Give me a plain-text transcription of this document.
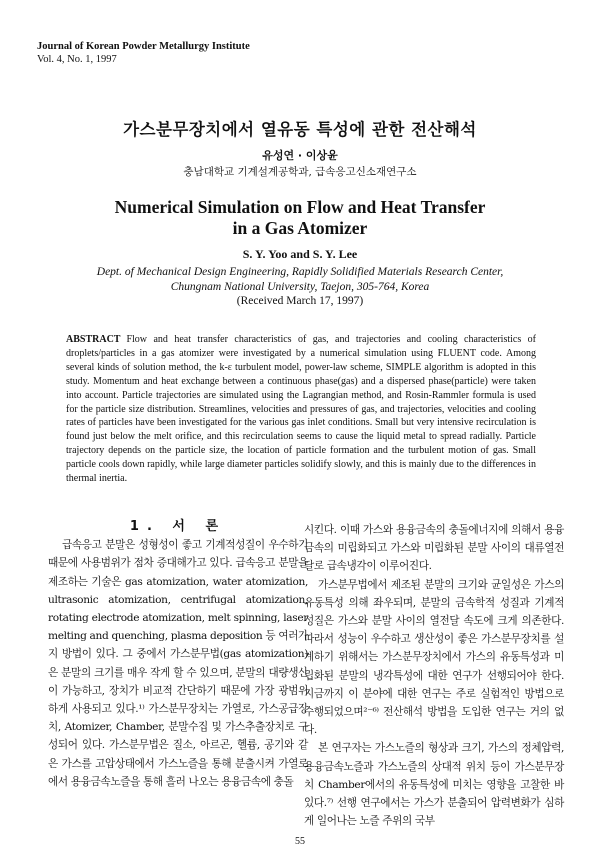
Journal of Korean Powder Metallurgy Institute
Vol. 4, No. 1, 1997
가스분무장치에서 열유동 특성에 관한 전산해석
유성연 · 이상윤
충남대학교 기계설계공학과, 급속응고신소재연구소
Numerical Simulation on Flow and Heat Transfer
in a Gas Atomizer
S. Y. Yoo and S. Y. Lee
Dept. of Mechanical Design Engineering, Rapidly Solidified Materials Research Center,
Chungnam National University, Taejon, 305-764, Korea
(Received March 17, 1997)
ABSTRACT Flow and heat transfer characteristics of gas, and trajectories and cooling characteristics of droplets/particles in a gas atomizer were investigated by a numerical simulation using FLUENT code. Among several kinds of solution method, the k-ε turbulent model, power-law scheme, SIMPLE algorithm is adopted in this study. Momentum and heat exchange between a continuous phase(gas) and a dispersed phase(particle) were taken into account. Particle trajectories are simulated using the Lagrangian method, and Rosin-Rammler formula is used for the particle size distribution. Streamlines, velocities and pressures of gas, and trajectories, velocities and cooling rates of particles have been investigated for the various gas inlet conditions. Small but very intensive recirculation is found just below the melt orifice, and this recirculation seems to cause the liquid metal to spread radially. Particle trajectory depends on the particle size, the location of particle formation and the turbulent motion of gas. Small particle cools down rapidly, while large diameter particles solidify slowly, and this is mainly due to the differences in thermal inertia.

1. 서 론

급속응고 분말은 성형성이 좋고 기계적성질이 우수하기 때문에 사용범위가 점차 증대해가고 있다. 급속응고 분말을 제조하는 기술은 gas atomization, water atomization, ultrasonic atomization, centrifugal atomization, rotating electrode atomization, melt spinning, laser melting and quenching, plasma deposition 등 여러가지 방법이 있다. 그 중에서 가스분무법(gas atomization)은 분말의 크기를 매우 작게 할 수 있으며, 분말의 대량생산이 가능하고, 장치가 비교적 간단하기 때문에 가장 광범위하게 사용되고 있다.¹⁾ 가스분무장치는 가열로, 가스공급장치, Atomizer, Chamber, 분말수집 및 가스추출장치로 구성되어 있다. 가스분무법은 질소, 아르곤, 헬륨, 공기와 같은 가스를 고압상태에서 가스노즐을 통해 분출시켜 가열로에서 용융금속노즐을 통해 흘러 나오는 용융금속에 충돌

시킨다. 이때 가스와 용융금속의 충돌에너지에 의해서 용융금속의 미립화되고 가스와 미립화된 분말 사이의 대류열전달로 급속냉각이 이루어진다.

가스분무법에서 제조된 분말의 크기와 균일성은 가스의 유동특성 의해 좌우되며, 분말의 금속학적 성질과 기계적 성질은 가스와 분말 사이의 열전달 속도에 크게 의존한다. 따라서 성능이 우수하고 생산성이 좋은 가스분무장치를 설계하기 위해서는 가스분무장치에서 가스의 유동특성과 미립화된 분말의 냉각특성에 대한 연구가 선행되어야 한다. 지금까지 이 분야에 대한 연구는 주로 실험적인 방법으로 수행되었으며²⁻⁶⁾ 전산해석 방법을 도입한 연구는 거의 없다.

본 연구자는 가스노즐의 형상과 크기, 가스의 정체압력, 용융금속노즐과 가스노즐의 상대적 위치 등이 가스분무장치 Chamber에서의 유동특성에 미치는 영향을 고찰한 바 있다.⁷⁾ 선행 연구에서는 가스가 분출되어 압력변화가 심하게 일어나는 노즐 주위의 국부

55
